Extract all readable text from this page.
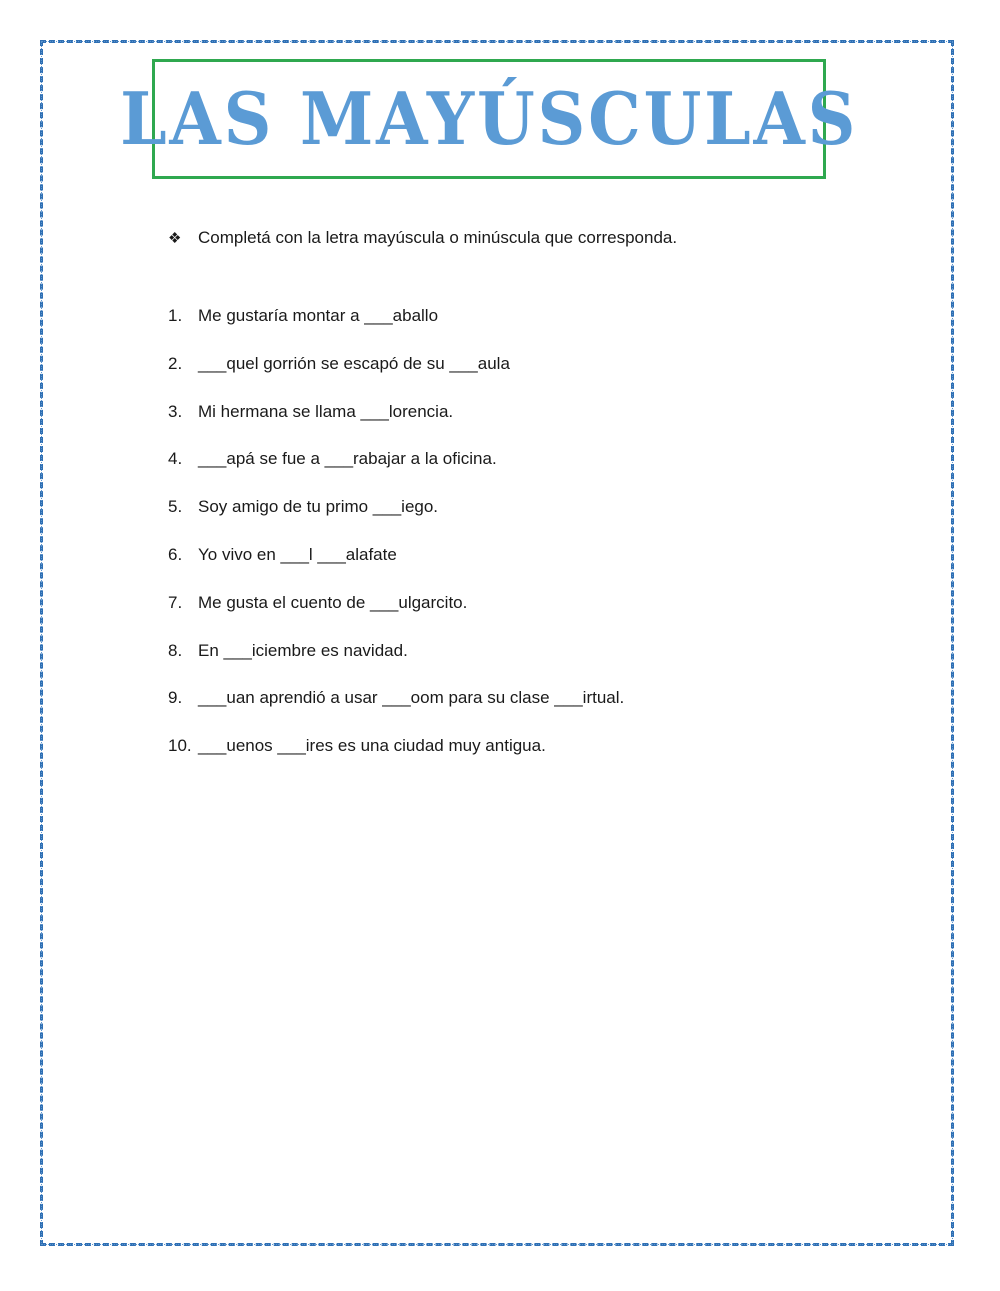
LAS MAYÚSCULAS
❖ Completá con la letra mayúscula o minúscula que corresponda.
1. Me gustaría montar a ___aballo
2. ___quel gorrión se escapó de su ___aula
3. Mi hermana se llama ___lorencia.
4. ___apá se fue a ___rabajar a la oficina.
5. Soy amigo de tu primo ___iego.
6. Yo vivo en ___l ___alafate
7. Me gusta el cuento de ___ulgarcito.
8. En ___iciembre es navidad.
9. ___uan aprendió a usar ___oom para su clase ___irtual.
10. ___uenos ___ires es una ciudad muy antigua.
